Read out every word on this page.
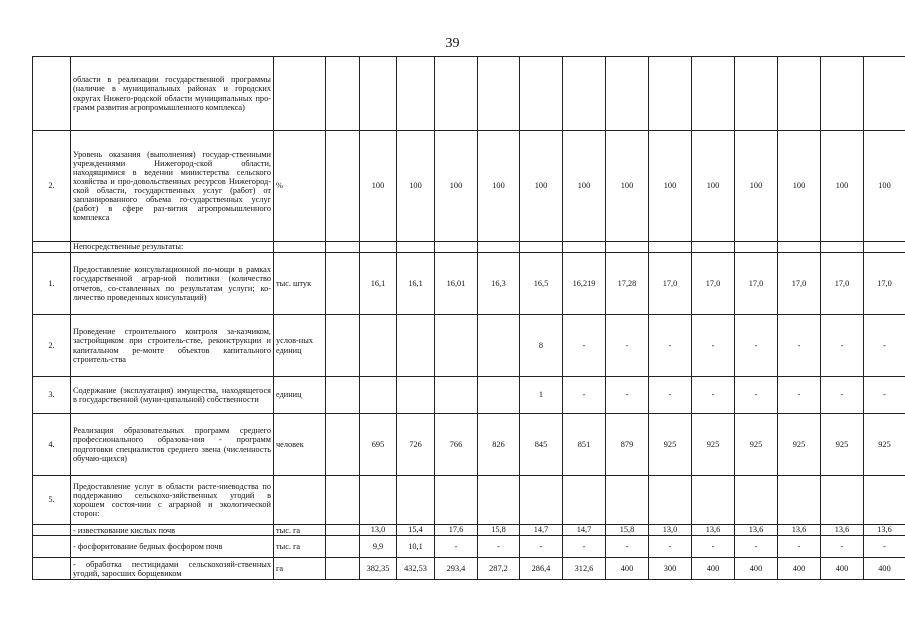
39
	области в реализации государственной программы (наличие в муниципальных районах и городских округах Нижего-родской области муниципальных про-грамм развития агропромышленного комплекса)															
2.	Уровень оказания (выполнения) государ-ственными учреждениями Нижегород-ской области, находящимися в ведении министерства сельского хозяйства и про-довольственных ресурсов Нижегород-ской области, государственных услуг (работ) от запланированного объема го-сударственных услуг (работ) в сфере раз-вития агропромышленного комплекса	%		100	100	100	100	100	100	100	100	100	100	100	100	100
	Непосредственные результаты:															
1.	Предоставление консультационной по-мощи в рамках государственной аграр-ной политики (количество отчетов, со-ставленных по результатам услуги; ко-личество проведенных консультаций)	тыс. штук		16,1	16,1	16,01	16,3	16,5	16,219	17,28	17,0	17,0	17,0	17,0	17,0	17,0
2.	Проведение строительного контроля за-казчиком, застройщиком при строитель-стве, реконструкции и капитальном ре-монте объектов капитального строитель-ства	услов-ных единиц						8	-	-	-	-	-	-	-	-
3.	Содержание (эксплуатация) имущества, находящегося в государственной (муни-ципальной) собственности	единиц						1	-	-	-	-	-	-	-	-
4.	Реализация образовательных программ среднего профессионального образова-ния - программ подготовки специалистов среднего звена (численность обучаю-щихся)	человек		695	726	766	826	845	851	879	925	925	925	925	925	925
5.	Предоставление услуг в области расте-ниеводства по поддержанию сельскохо-зяйственных угодий в хорошем состоя-нии с аграрной и экологической сторон:															
	- известкование кислых почв	тыс. га		13,0	15,4	17,6	15,8	14,7	14,7	15,8	13,0	13,6	13,6	13,6	13,6	13,6
	- фосфоритование бедных фосфором почв	тыс. га		9,9	10,1	-	-	-	-	-	-	-	-	-	-	-
	- обработка пестицидами сельскохозяй-ственных угодий, заросших борщевиком	га		382,35	432,53	293,4	287,2	286,4	312,6	400	300	400	400	400	400	400
